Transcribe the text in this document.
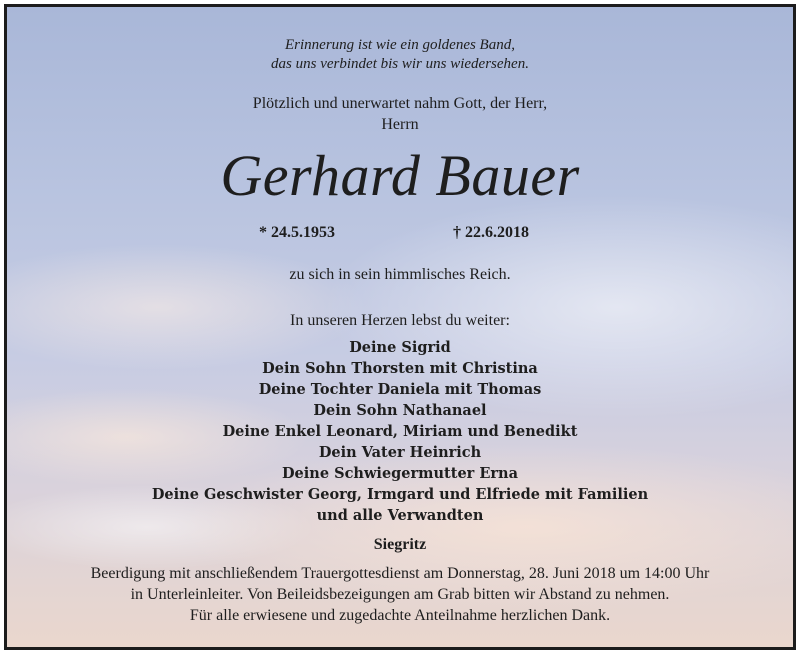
Erinnerung ist wie ein goldenes Band,
das uns verbindet bis wir uns wiedersehen.
Plötzlich und unerwartet nahm Gott, der Herr,
Herrn
Gerhard Bauer
* 24.5.1953	† 22.6.2018
zu sich in sein himmlisches Reich.
In unseren Herzen lebst du weiter:
Deine Sigrid
Dein Sohn Thorsten mit Christina
Deine Tochter Daniela mit Thomas
Dein Sohn Nathanael
Deine Enkel Leonard, Miriam und Benedikt
Dein Vater Heinrich
Deine Schwiegermutter Erna
Deine Geschwister Georg, Irmgard und Elfriede mit Familien
und alle Verwandten
Siegritz
Beerdigung mit anschließendem Trauergottesdienst am Donnerstag, 28. Juni 2018 um 14:00 Uhr
in Unterleinleiter. Von Beileidsbezeigungen am Grab bitten wir Abstand zu nehmen.
Für alle erwiesene und zugedachte Anteilnahme herzlichen Dank.
